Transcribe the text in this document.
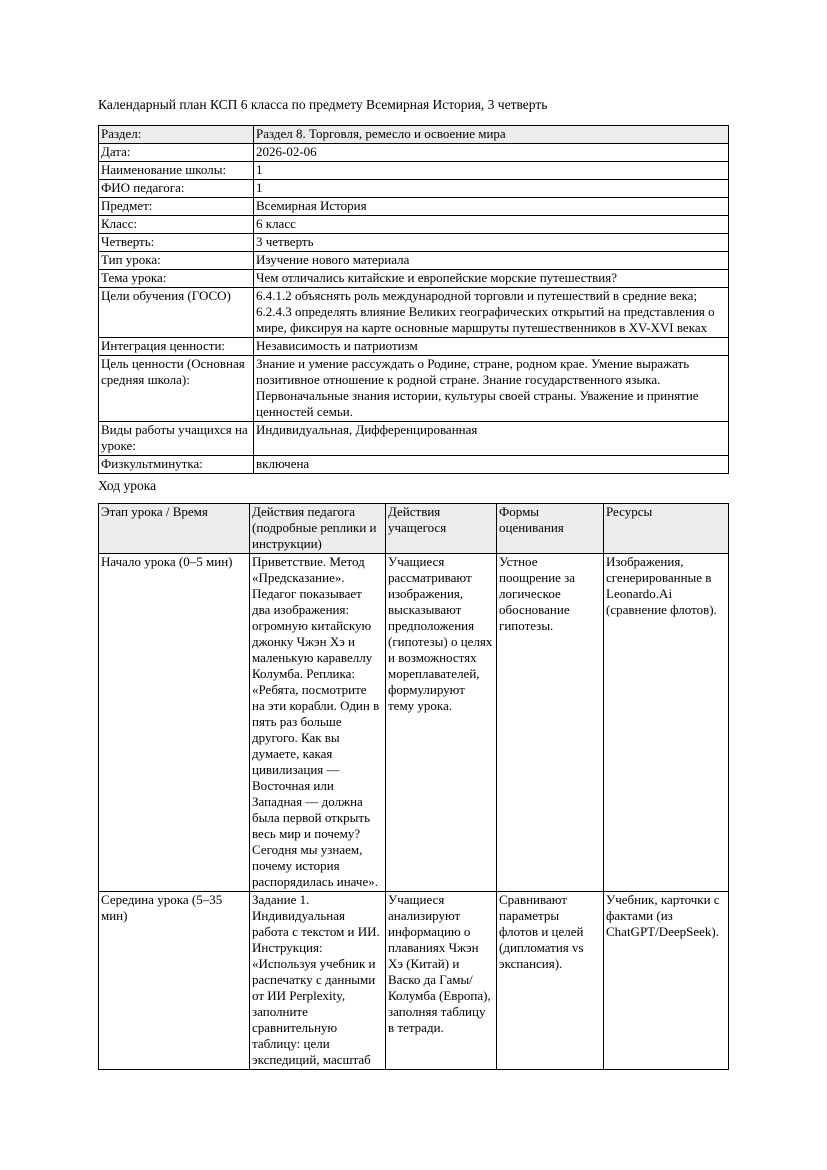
Календарный план КСП 6 класса по предмету Всемирная История, 3 четверть

Раздел:	Раздел 8. Торговля, ремесло и освоение мира
Дата:	2026-02-06
Наименование школы:	1
ФИО педагога:	1
Предмет:	Всемирная История
Класс:	6 класс
Четверть:	3 четверть
Тип урока:	Изучение нового материала
Тема урока:	Чем отличались китайские и европейские морские путешествия?
Цели обучения (ГОСО)	6.4.1.2 объяснять роль международной торговли и путешествий в средние века; 6.2.4.3 определять влияние Великих географических открытий на представления о мире, фиксируя на карте основные маршруты путешественников в XV-XVI веках
Интеграция ценности:	Независимость и патриотизм
Цель ценности (Основная средняя школа):	Знание и умение рассуждать о Родине, стране, родном крае. Умение выражать позитивное отношение к родной стране. Знание государственного языка. Первоначальные знания истории, культуры своей страны. Уважение и принятие ценностей семьи.
Виды работы учащихся на уроке:	Индивидуальная, Дифференцированная
Физкультминутка:	включена

Ход урока

Этап урока / Время	Действия педагога (подробные реплики и инструкции)	Действия учащегося	Формы оценивания	Ресурсы
Начало урока (0–5 мин)	Приветствие. Метод «Предсказание». Педагог показывает два изображения: огромную китайскую джонку Чжэн Хэ и маленькую каравеллу Колумба. Реплика: «Ребята, посмотрите на эти корабли. Один в пять раз больше другого. Как вы думаете, какая цивилизация — Восточная или Западная — должна была первой открыть весь мир и почему? Сегодня мы узнаем, почему история распорядилась иначе».	Учащиеся рассматривают изображения, высказывают предположения (гипотезы) о целях и возможностях мореплавателей, формулируют тему урока.	Устное поощрение за логическое обоснование гипотезы.	Изображения, сгенерированные в Leonardo.Ai (сравнение флотов).
Середина урока (5–35 мин)	Задание 1. Индивидуальная работа с текстом и ИИ. Инструкция: «Используя учебник и распечатку с данными от ИИ Perplexity, заполните сравнительную таблицу: цели экспедиций, масштаб	Учащиеся анализируют информацию о плаваниях Чжэн Хэ (Китай) и Васко да Гамы/Колумба (Европа), заполняя таблицу в тетради.	Сравнивают параметры флотов и целей (дипломатия vs экспансия).	Учебник, карточки с фактами (из ChatGPT/DeepSeek).
